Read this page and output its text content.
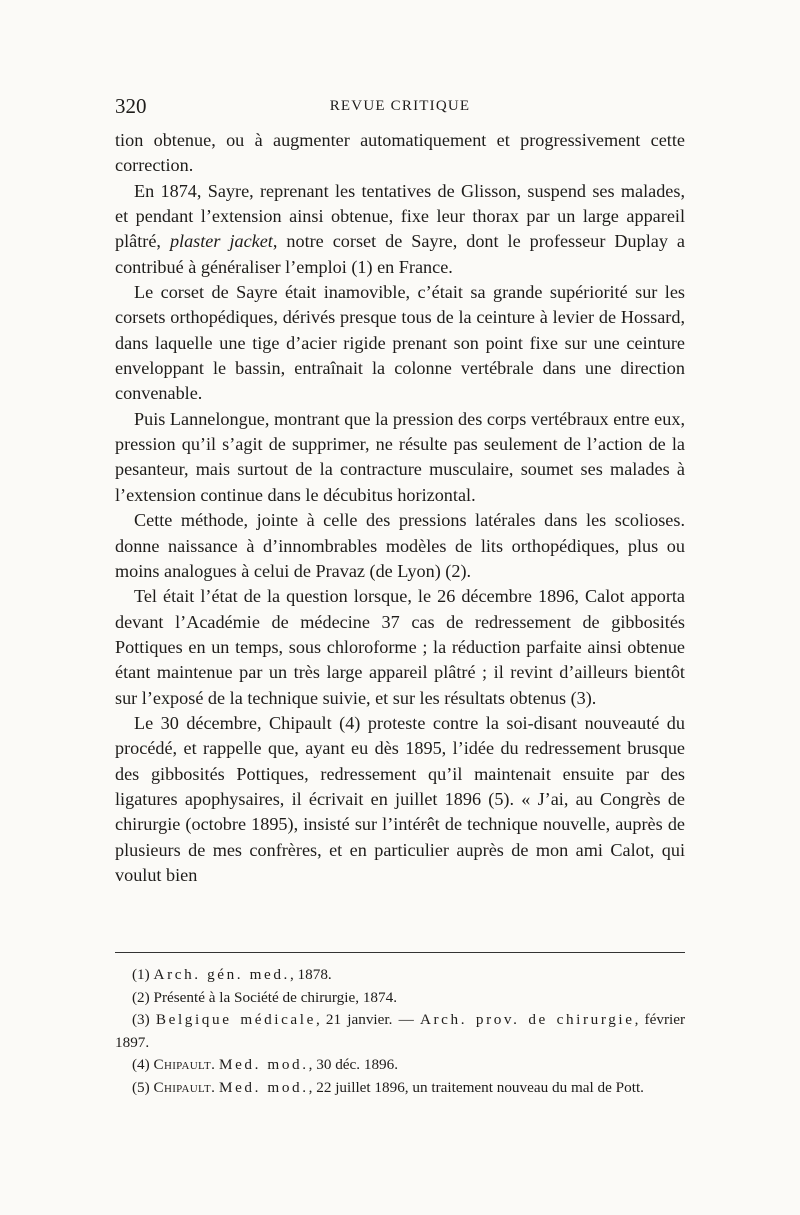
320	REVUE CRITIQUE

tion obtenue, ou à augmenter automatiquement et progressivement cette correction.

En 1874, Sayre, reprenant les tentatives de Glisson, suspend ses malades, et pendant l’extension ainsi obtenue, fixe leur thorax par un large appareil plâtré, plaster jacket, notre corset de Sayre, dont le professeur Duplay a contribué à généraliser l’emploi (1) en France.

Le corset de Sayre était inamovible, c’était sa grande supériorité sur les corsets orthopédiques, dérivés presque tous de la ceinture à levier de Hossard, dans laquelle une tige d’acier rigide prenant son point fixe sur une ceinture enveloppant le bassin, entraînait la colonne vertébrale dans une direction convenable.

Puis Lannelongue, montrant que la pression des corps vertébraux entre eux, pression qu’il s’agit de supprimer, ne résulte pas seulement de l’action de la pesanteur, mais surtout de la contracture musculaire, soumet ses malades à l’extension continue dans le décubitus horizontal.

Cette méthode, jointe à celle des pressions latérales dans les scolioses. donne naissance à d’innombrables modèles de lits orthopédiques, plus ou moins analogues à celui de Pravaz (de Lyon) (2).

Tel était l’état de la question lorsque, le 26 décembre 1896, Calot apporta devant l’Académie de médecine 37 cas de redressement de gibbosités Pottiques en un temps, sous chloroforme ; la réduction parfaite ainsi obtenue étant maintenue par un très large appareil plâtré ; il revint d’ailleurs bientôt sur l’exposé de la technique suivie, et sur les résultats obtenus (3).

Le 30 décembre, Chipault (4) proteste contre la soi-disant nouveauté du procédé, et rappelle que, ayant eu dès 1895, l’idée du redressement brusque des gibbosités Pottiques, redressement qu’il maintenait ensuite par des ligatures apophysaires, il écrivait en juillet 1896 (5). « J’ai, au Congrès de chirurgie (octobre 1895), insisté sur l’intérêt de technique nouvelle, auprès de plusieurs de mes confrères, et en particulier auprès de mon ami Calot, qui voulut bien

(1) Arch. gén. med., 1878.

(2) Présenté à la Société de chirurgie, 1874.

(3) Belgique médicale, 21 janvier. — Arch. prov. de chirurgie, février 1897.

(4) Chipault. Med. mod., 30 déc. 1896.

(5) Chipault. Med. mod., 22 juillet 1896, un traitement nouveau du mal de Pott.
